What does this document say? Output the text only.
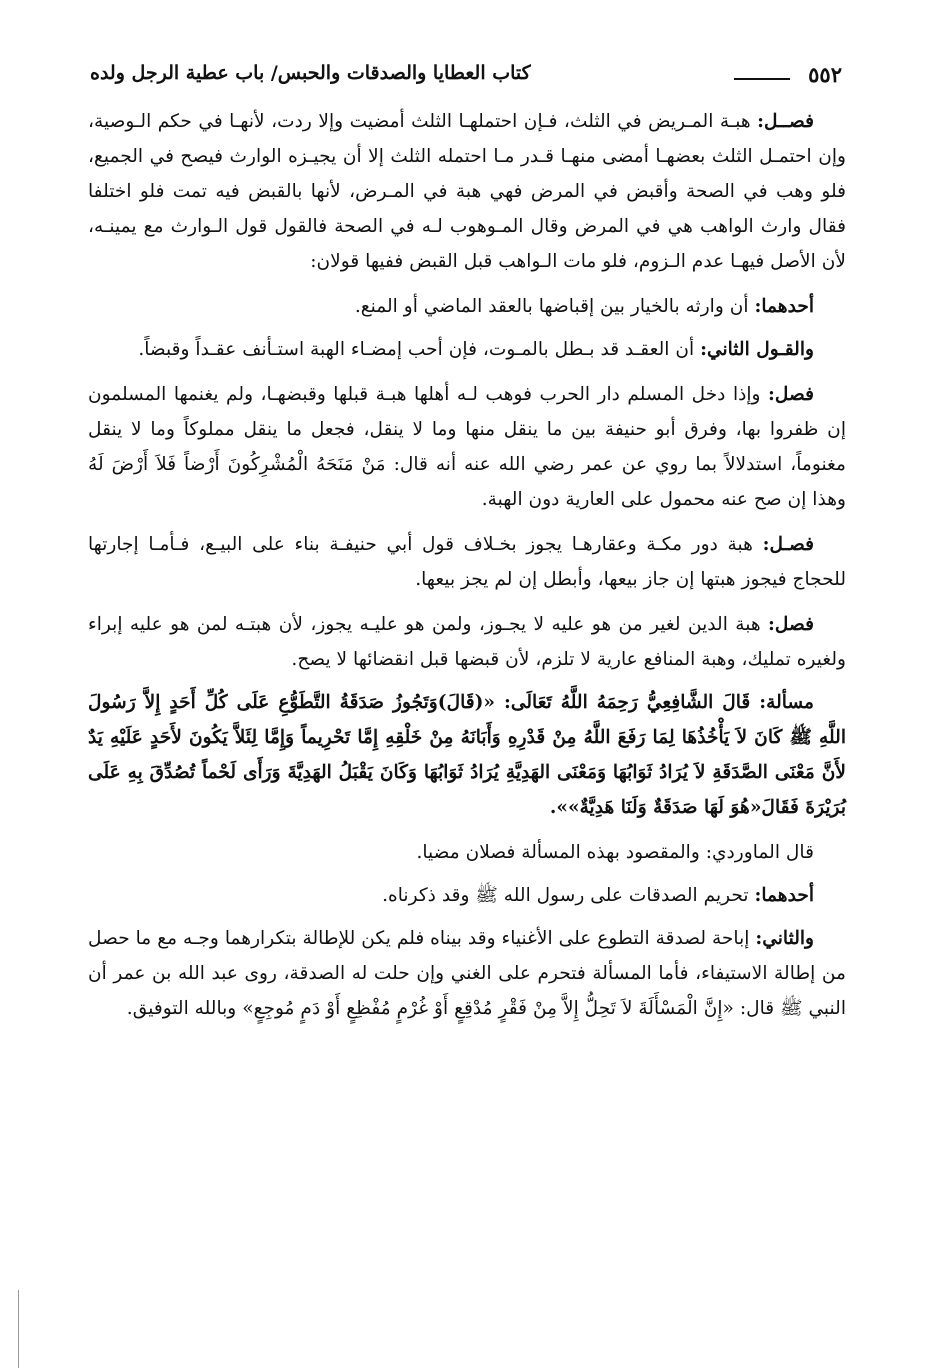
٥٥٢
كتاب العطايا والصدقات والحبس/ باب عطية الرجل ولده

فصــل: هبـة المـريض في الثلث، فـإن احتملهـا الثلث أمضيت وإلا ردت، لأنهـا في حكم الـوصية، وإن احتمـل الثلث بعضهـا أمضى منهـا قـدر مـا احتمله الثلث إلا أن يجيـزه الوارث فيصح في الجميع، فلو وهب في الصحة وأقبض في المرض فهي هبة في المـرض، لأنها بالقبض فيه تمت فلو اختلفا فقال وارث الواهب هي في المرض وقال المـوهوب لـه في الصحة فالقول قول الـوارث مع يمينـه، لأن الأصل فيهـا عدم الـزوم، فلو مات الـواهب قبل القبض ففيها قولان:

أحدهما: أن وارثه بالخيار بين إقباضها بالعقد الماضي أو المنع.

والقـول الثاني: أن العقـد قد بـطل بالمـوت، فإن أحب إمضـاء الهبة استـأنف عقـداً وقبضاً.

فصل: وإذا دخل المسلم دار الحرب فوهب لـه أهلها هبـة قبلها وقبضهـا، ولم يغنمها المسلمون إن ظفروا بها، وفرق أبو حنيفة بين ما ينقل منها وما لا ينقل، فجعل ما ينقل مملوكاً وما لا ينقل مغنوماً، استدلالاً بما روي عن عمر رضي الله عنه أنه قال: مَنْ مَنَحَهُ الْمُشْرِكُونَ أَرْضاً فَلاَ أَرْضَ لَهُ وهذا إن صح عنه محمول على العارية دون الهبة.

فصـل: هبة دور مكـة وعقارهـا يجوز بخـلاف قول أبي حنيفـة بناء على البيـع، فـأمـا إجارتها للحجاج فيجوز هبتها إن جاز بيعها، وأبطل إن لم يجز بيعها.

فصل: هبة الدين لغير من هو عليه لا يجـوز، ولمن هو عليـه يجوز، لأن هبتـه لمن هو عليه إبراء ولغيره تمليك، وهبة المنافع عارية لا تلزم، لأن قبضها قبل انقضائها لا يصح.

مسألة: قَالَ الشَّافِعِيُّ رَحِمَهُ اللَّهُ تَعَالَى: «(قَالَ)وَتَجُوزُ صَدَقَةُ التَّطَوُّعِ عَلَى كُلِّ أَحَدٍ إِلاَّ رَسُولَ اللَّهِ ﷺ كَانَ لاَ يَأْخُذُهَا لِمَا رَفَعَ اللَّهُ مِنْ قَدْرِهِ وَأَبَانَهُ مِنْ خَلْقِهِ إِمَّا تَحْرِيماً وَإِمَّا لِئَلاَّ يَكُونَ لأَحَدٍ عَلَيْهِ يَدٌ لأَنَّ مَعْنَى الصَّدَقَةِ لاَ يُرَادُ ثَوَابُهَا وَمَعْنَى الهَدِيَّةِ يُرَادُ ثَوَابُهَا وَكَانَ يَقْبَلُ الهَدِيَّةَ وَرَأَى لَحْماً تُصُدِّقَ بِهِ عَلَى بُرَيْرَةَ فَقَالَ«هُوَ لَهَا صَدَقَةٌ وَلَنَا هَدِيَّةٌ»».

قال الماوردي: والمقصود بهذه المسألة فصلان مضيا.

أحدهما: تحريم الصدقات على رسول الله ﷺ وقد ذكرناه.

والثاني: إباحة لصدقة التطوع على الأغنياء وقد بيناه فلم يكن للإطالة بتكرارهما وجـه مع ما حصل من إطالة الاستيفاء، فأما المسألة فتحرم على الغني وإن حلت له الصدقة، روى عبد الله بن عمر أن النبي ﷺ قال: «إِنَّ الْمَسْأَلَةَ لاَ تَحِلُّ إِلاَّ مِنْ فَقْرٍ مُدْقِعٍ أَوْ غُرْمٍ مُفْظِعٍ أَوْ دَمٍ مُوجِعٍ» وبالله التوفيق.
